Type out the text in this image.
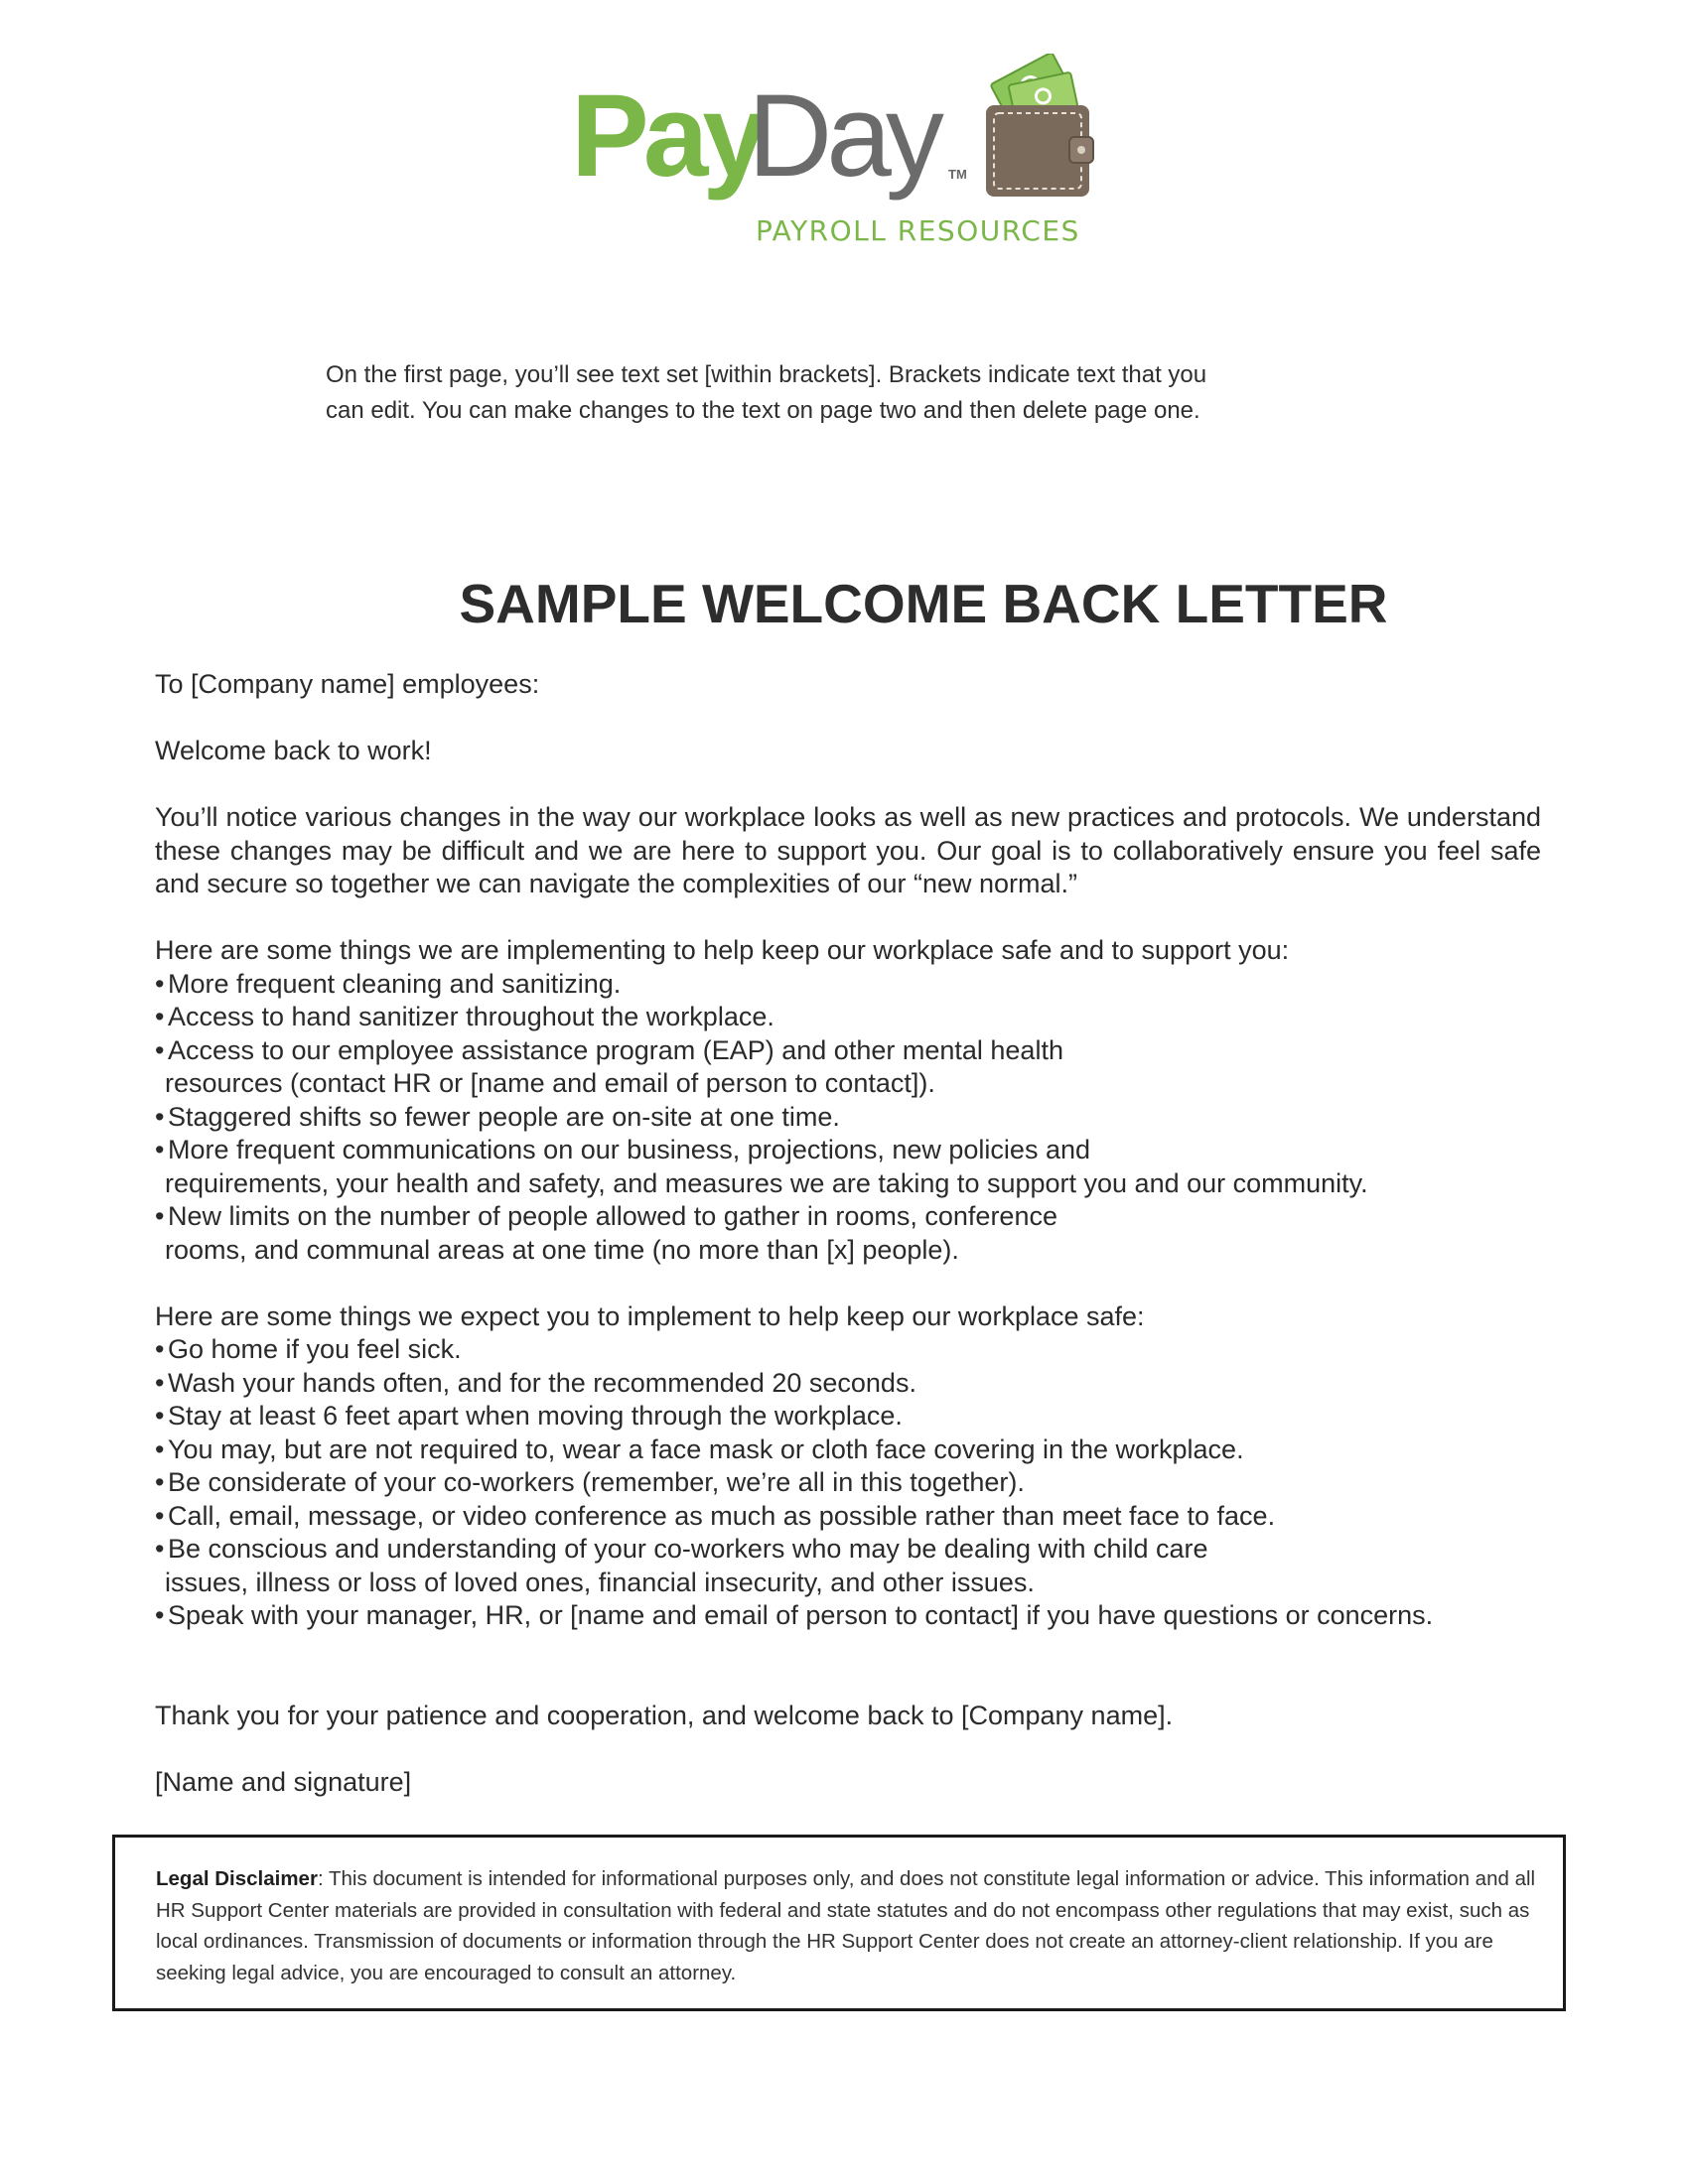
Pay
Day TM
PAYROLL RESOURCES

On the first page, you’ll see text set [within brackets]. Brackets indicate text that you

can edit. You can make changes to the text on page two and then delete page one.

SAMPLE WELCOME BACK LETTER

To [Company name] employees:

Welcome back to work!

You’ll notice various changes in the way our workplace looks as well as new practices and protocols. We understand these changes may be difficult and we are here to support you. Our goal is to collaboratively ensure you feel safe and secure so together we can navigate the complexities of our “new normal.”

Here are some things we are implementing to help keep our workplace safe and to support you:

• More frequent cleaning and sanitizing.
• Access to hand sanitizer throughout the workplace.
• Access to our employee assistance program (EAP) and other mental health
resources (contact HR or [name and email of person to contact]).
• Staggered shifts so fewer people are on-site at one time.
• More frequent communications on our business, projections, new policies and
requirements, your health and safety, and measures we are taking to support you and our community.
• New limits on the number of people allowed to gather in rooms, conference
rooms, and communal areas at one time (no more than [x] people).

Here are some things we expect you to implement to help keep our workplace safe:

• Go home if you feel sick.
• Wash your hands often, and for the recommended 20 seconds.
• Stay at least 6 feet apart when moving through the workplace.
• You may, but are not required to, wear a face mask or cloth face covering in the workplace.
• Be considerate of your co-workers (remember, we’re all in this together).
• Call, email, message, or video conference as much as possible rather than meet face to face.
• Be conscious and understanding of your co-workers who may be dealing with child care
issues, illness or loss of loved ones, financial insecurity, and other issues.
• Speak with your manager, HR, or [name and email of person to contact] if you have questions or concerns.

Thank you for your patience and cooperation, and welcome back to [Company name].

[Name and signature]

Legal Disclaimer: This document is intended for informational purposes only, and does not constitute legal information or advice. This information and all HR Support Center materials are provided in consultation with federal and state statutes and do not encompass other regulations that may exist, such as local ordinances. Transmission of documents or information through the HR Support Center does not create an attorney-client relationship. If you are seeking legal advice, you are encouraged to consult an attorney.
